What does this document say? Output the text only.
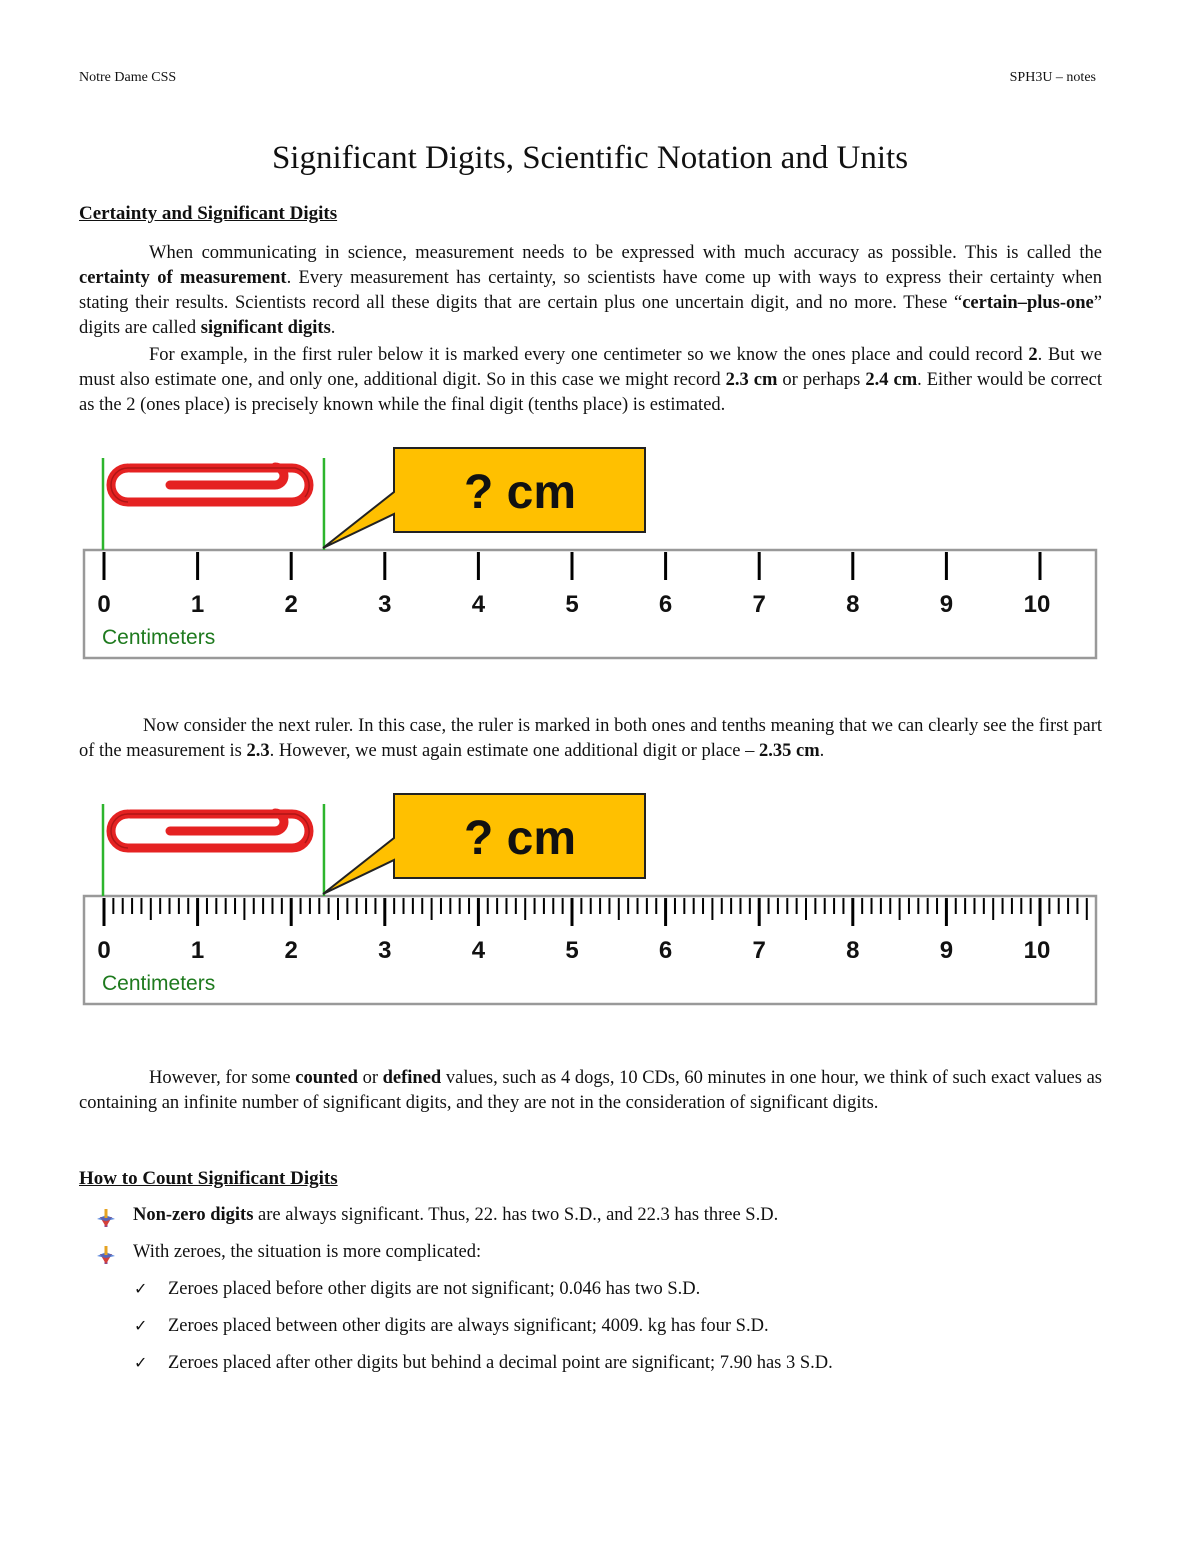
Notre Dame CSS	SPH3U – notes
Significant Digits, Scientific Notation and Units
Certainty and Significant Digits

When communicating in science, measurement needs to be expressed with much accuracy as possible. This is called the certainty of measurement. Every measurement has certainty, so scientists have come up with ways to express their certainty when stating their results. Scientists record all these digits that are certain plus one uncertain digit, and no more. These “certain–plus-one” digits are called significant digits.

For example, in the first ruler below it is marked every one centimeter so we know the ones place and could record 2. But we must also estimate one, and only one, additional digit. So in this case we might record 2.3 cm or perhaps 2.4 cm. Either would be correct as the 2 (ones place) is precisely known while the final digit (tenths place) is estimated.

0	1	2	3	4	5	6	7	8	9	10
Centimeters
? cm

Now consider the next ruler. In this case, the ruler is marked in both ones and tenths meaning that we can clearly see the first part of the measurement is 2.3. However, we must again estimate one additional digit or place – 2.35 cm.

0	1	2	3	4	5	6	7	8	9	10
Centimeters
? cm

However, for some counted or defined values, such as 4 dogs, 10 CDs, 60 minutes in one hour, we think of such exact values as containing an infinite number of significant digits, and they are not in the consideration of significant digits.

How to Count Significant Digits
Non-zero digits are always significant. Thus, 22. has two S.D., and 22.3 has three S.D.
With zeroes, the situation is more complicated:
✓ Zeroes placed before other digits are not significant; 0.046 has two S.D.
✓ Zeroes placed between other digits are always significant; 4009. kg has four S.D.
✓ Zeroes placed after other digits but behind a decimal point are significant; 7.90 has 3 S.D.
